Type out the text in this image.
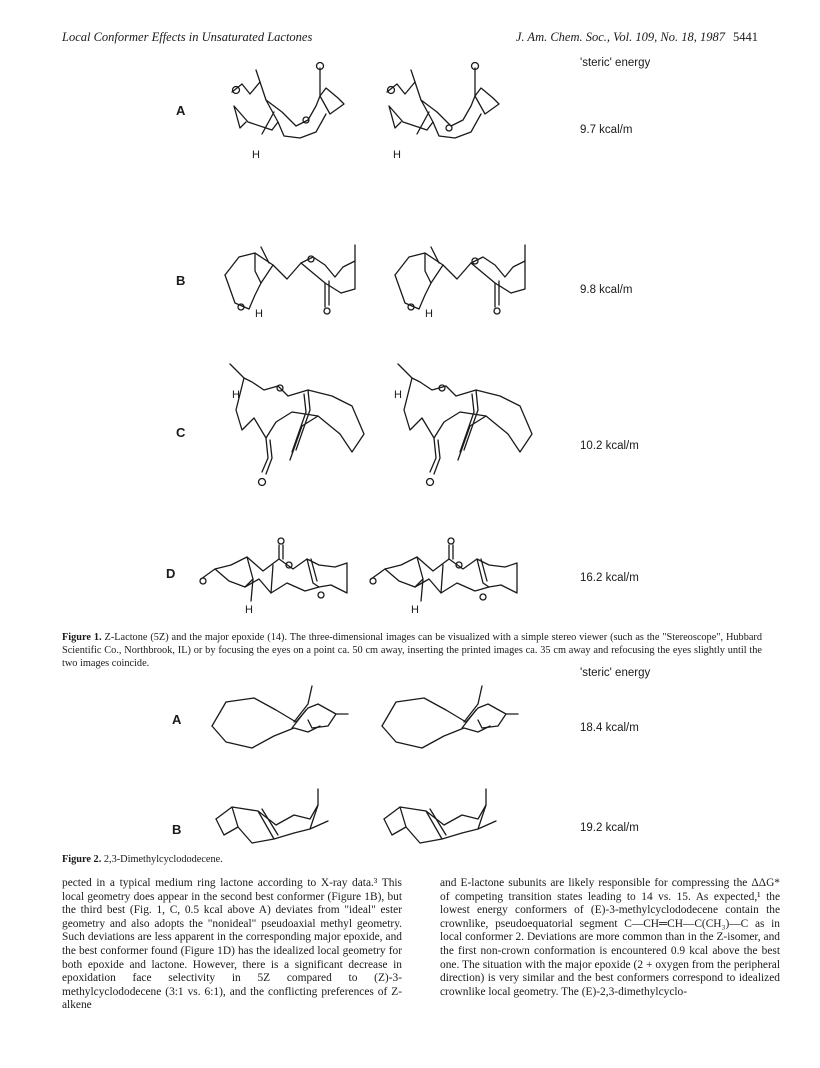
Local Conformer Effects in Unsaturated Lactones	J. Am. Chem. Soc., Vol. 109, No. 18, 1987 5441
'steric' energy
A
9.7 kcal/m
B
9.8 kcal/m
C
10.2 kcal/m
D	16.2 kcal/m
H	H
H	H
H	H
H	H
Figure 1. Z-Lactone (5Z) and the major epoxide (14). The three-dimensional images can be visualized with a simple stereo viewer (such as the "Stereoscope", Hubbard Scientific Co., Northbrook, IL) or by focusing the eyes on a point ca. 50 cm away, inserting the printed images ca. 35 cm away and refocusing the eyes slightly until the two images coincide.
'steric' energy
A
18.4 kcal/m
B	19.2 kcal/m
Figure 2. 2,3-Dimethylcyclododecene.

pected in a typical medium ring lactone according to X-ray data.³ This local geometry does appear in the second best conformer (Figure 1B), but the third best (Fig. 1, C, 0.5 kcal above A) deviates from "ideal" ester geometry and also adopts the "nonideal" pseudoaxial methyl geometry. Such deviations are less apparent in the corresponding major epoxide, and the best conformer found (Figure 1D) has the idealized local geometry for both epoxide and lactone. However, there is a significant decrease in epoxidation face selectivity in 5Z compared to (Z)-3-methylcyclododecene (3:1 vs. 6:1), and the conflicting preferences of Z-alkene

and E-lactone subunits are likely responsible for compressing the ΔΔG* of competing transition states leading to 14 vs. 15. As expected,¹ the lowest energy conformers of (E)-3-methylcyclododecene contain the crownlike, pseudoequatorial segment C—CH═CH—C(CH₃)—C as in local conformer 2. Deviations are more common than in the Z-isomer, and the first non-crown conformation is encountered 0.9 kcal above the best one. The situation with the major epoxide (2 + oxygen from the peripheral direction) is very similar and the best conformers correspond to idealized crownlike local geometry. The (E)-2,3-dimethylcyclo-
